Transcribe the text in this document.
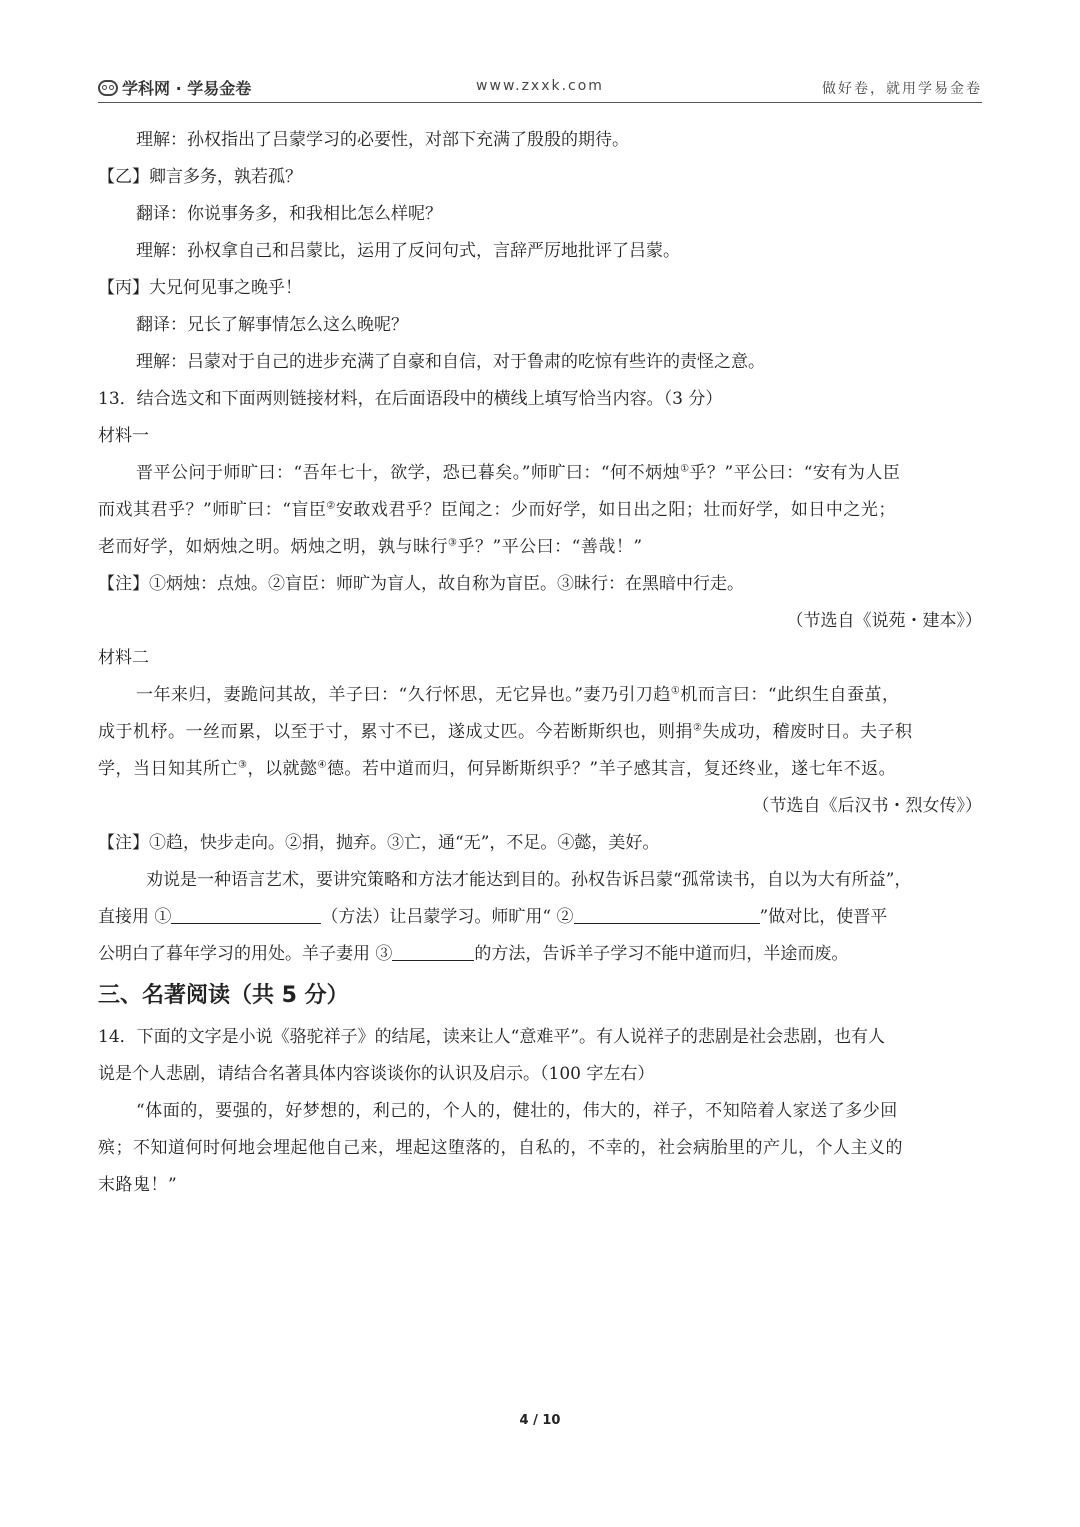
学科网 · 学易金卷	www.zxxk.com	做好卷，就用学易金卷

理解：孙权指出了吕蒙学习的必要性，对部下充满了殷殷的期待。

【乙】卿言多务，孰若孤？

翻译：你说事务多，和我相比怎么样呢？

理解：孙权拿自己和吕蒙比，运用了反问句式，言辞严厉地批评了吕蒙。

【丙】大兄何见事之晚乎！

翻译：兄长了解事情怎么这么晚呢？

理解：吕蒙对于自己的进步充满了自豪和自信，对于鲁肃的吃惊有些许的责怪之意。

13．结合选文和下面两则链接材料，在后面语段中的横线上填写恰当内容。（3 分）

材料一

晋平公问于师旷曰：“吾年七十，欲学，恐已暮矣。”师旷曰：“何不炳烛①乎？”平公曰：“安有为人臣

而戏其君乎？”师旷曰：“盲臣②安敢戏君乎？臣闻之：少而好学，如日出之阳；壮而好学，如日中之光；

老而好学，如炳烛之明。炳烛之明，孰与昧行③乎？”平公曰：“善哉！”

【注】①炳烛：点烛。②盲臣：师旷为盲人，故自称为盲臣。③昧行：在黑暗中行走。

（节选自《说苑・建本》）

材料二

一年来归，妻跪问其故，羊子曰：“久行怀思，无它异也。”妻乃引刀趋①机而言曰：“此织生自蚕茧，

成于机杼。一丝而累，以至于寸，累寸不已，遂成丈匹。今若断斯织也，则捐②失成功，稽废时日。夫子积

学，当日知其所亡③，以就懿④德。若中道而归，何异断斯织乎？”羊子感其言，复还终业，遂七年不返。

（节选自《后汉书・烈女传》）

【注】①趋，快步走向。②捐，抛弃。③亡，通“无”，不足。④懿，美好。

劝说是一种语言艺术，要讲究策略和方法才能达到目的。孙权告诉吕蒙“孤常读书，自以为大有所益”，

直接用 ①	（方法）让吕蒙学习。师旷用“ ②	”做对比，使晋平

公明白了暮年学习的用处。羊子妻用 ③	的方法，告诉羊子学习不能中道而归，半途而废。

三、名著阅读（共 5 分）

14．下面的文字是小说《骆驼祥子》的结尾，读来让人“意难平”。有人说祥子的悲剧是社会悲剧，也有人

说是个人悲剧，请结合名著具体内容谈谈你的认识及启示。（100 字左右）

“体面的，要强的，好梦想的，利己的，个人的，健壮的，伟大的，祥子，不知陪着人家送了多少回

殡；不知道何时何地会埋起他自己来，埋起这堕落的，自私的，不幸的，社会病胎里的产儿，个人主义的

末路鬼！”

4 / 10
